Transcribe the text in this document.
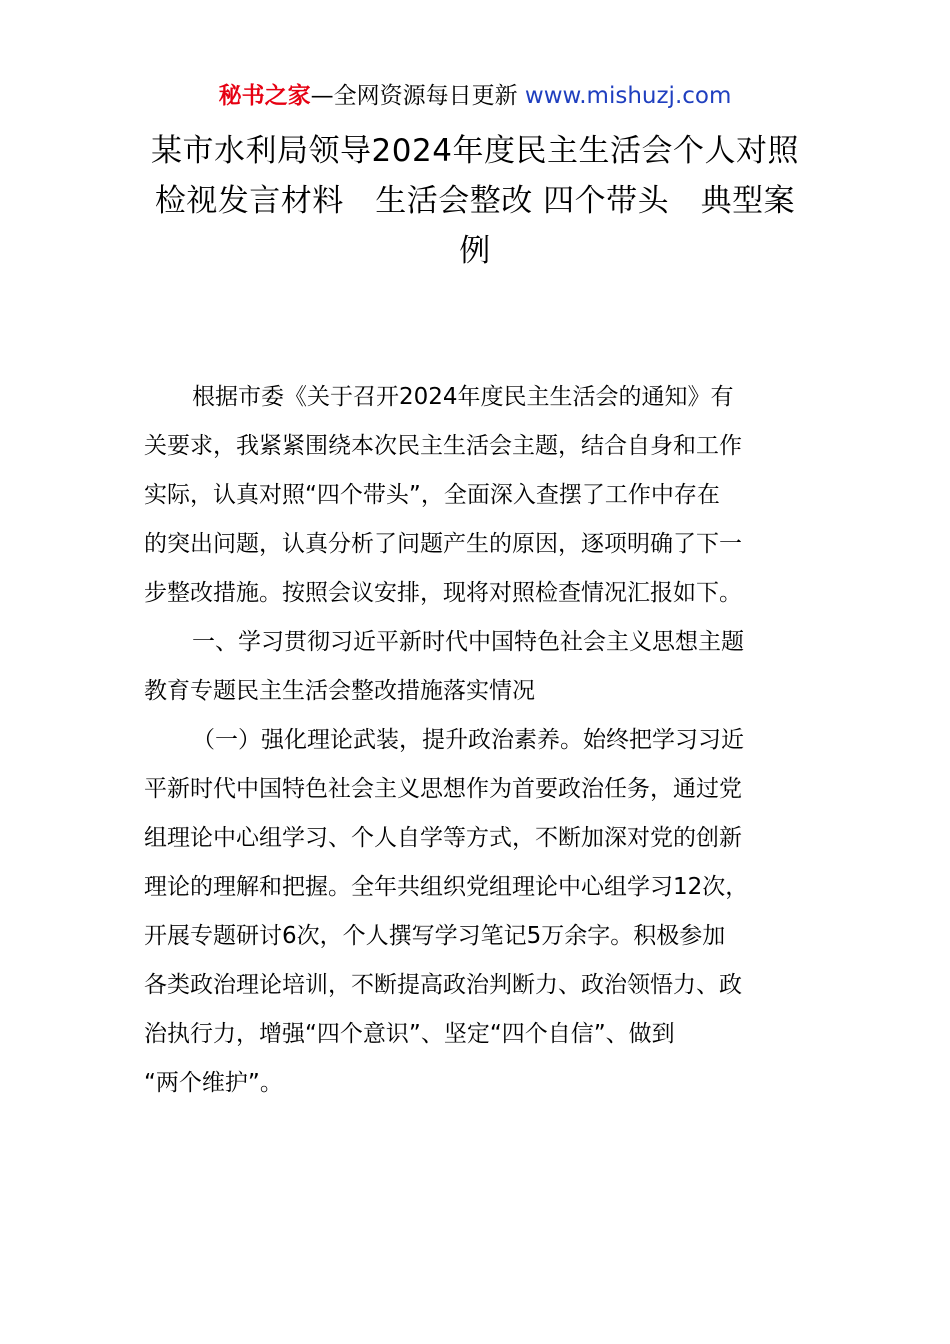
秘书之家—全网资源每日更新 www.mishuzj.com
某市水利局领导2024年度民主生活会个人对照
检视发言材料　生活会整改 四个带头　典型案
例

根据市委《关于召开2024年度民主生活会的通知》有
关要求，我紧紧围绕本次民主生活会主题，结合自身和工作
实际，认真对照“四个带头”，全面深入查摆了工作中存在
的突出问题，认真分析了问题产生的原因，逐项明确了下一
步整改措施。按照会议安排，现将对照检查情况汇报如下。

一、学习贯彻习近平新时代中国特色社会主义思想主题
教育专题民主生活会整改措施落实情况

（一）强化理论武装，提升政治素养。始终把学习习近
平新时代中国特色社会主义思想作为首要政治任务，通过党
组理论中心组学习、个人自学等方式，不断加深对党的创新
理论的理解和把握。全年共组织党组理论中心组学习12次，
开展专题研讨6次，个人撰写学习笔记5万余字。积极参加
各类政治理论培训，不断提高政治判断力、政治领悟力、政
治执行力，增强“四个意识”、坚定“四个自信”、做到
“两个维护”。
